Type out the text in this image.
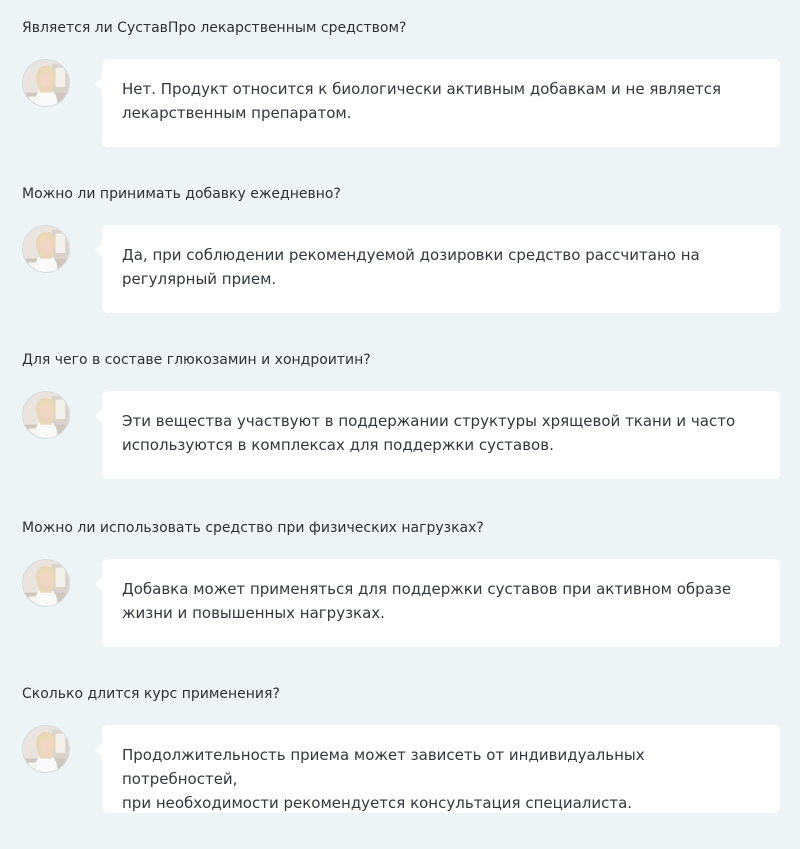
Является ли СуставПро лекарственным средством?
Нет. Продукт относится к биологически активным добавкам и не является
лекарственным препаратом.
Можно ли принимать добавку ежедневно?
Да, при соблюдении рекомендуемой дозировки средство рассчитано на
регулярный прием.
Для чего в составе глюкозамин и хондроитин?
Эти вещества участвуют в поддержании структуры хрящевой ткани и часто
используются в комплексах для поддержки суставов.
Можно ли использовать средство при физических нагрузках?
Добавка может применяться для поддержки суставов при активном образе
жизни и повышенных нагрузках.
Сколько длится курс применения?
Продолжительность приема может зависеть от индивидуальных потребностей,
при необходимости рекомендуется консультация специалиста.
